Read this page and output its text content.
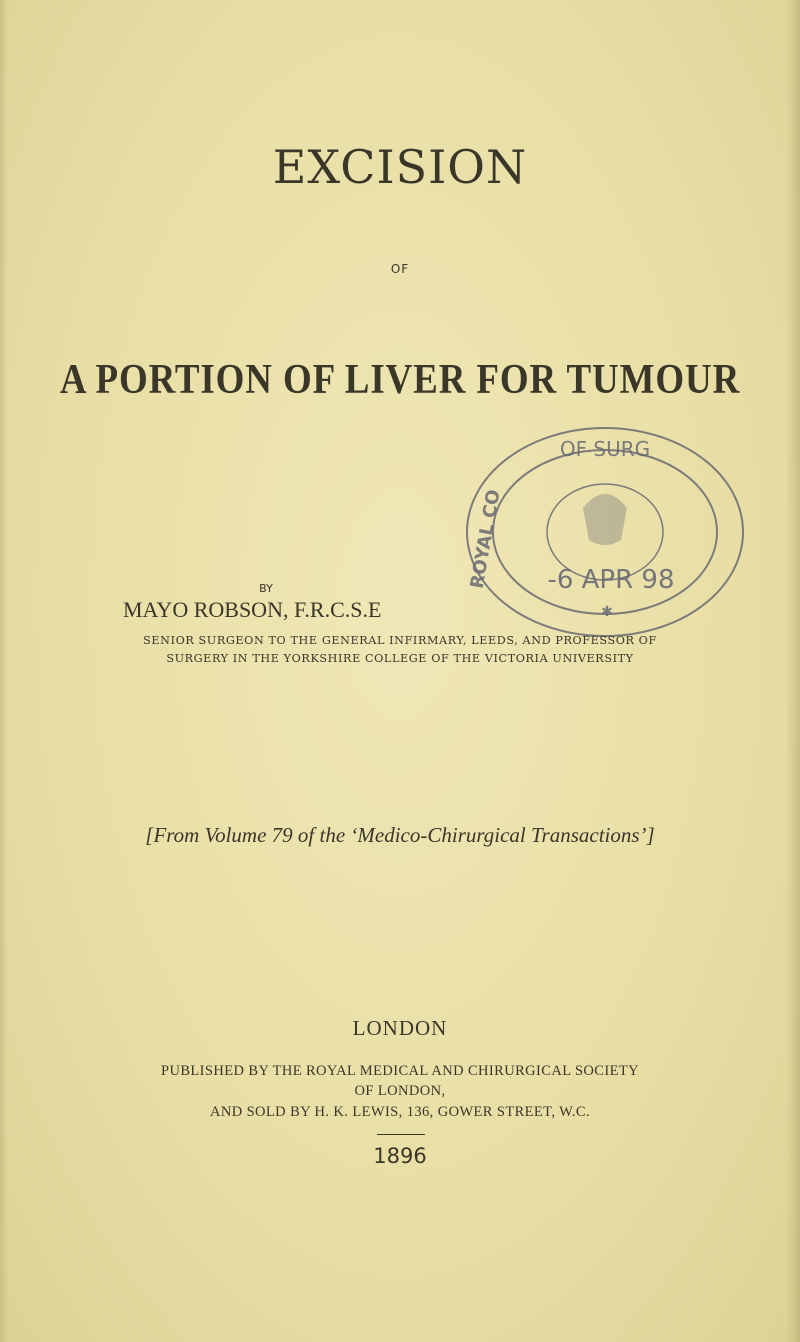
EXCISION
OF
A PORTION OF LIVER FOR TUMOUR
OF SURG
ROYAL CO -6 APR 98
✱
BY
MAYO ROBSON, F.R.C.S.E
SENIOR SURGEON TO THE GENERAL INFIRMARY, LEEDS, AND PROFESSOR OF
SURGERY IN THE YORKSHIRE COLLEGE OF THE VICTORIA UNIVERSITY
[From Volume 79 of the ‘Medico-Chirurgical Transactions’]
LONDON
PUBLISHED BY THE ROYAL MEDICAL AND CHIRURGICAL SOCIETY
OF LONDON,
AND SOLD BY H. K. LEWIS, 136, GOWER STREET, W.C.
1896
